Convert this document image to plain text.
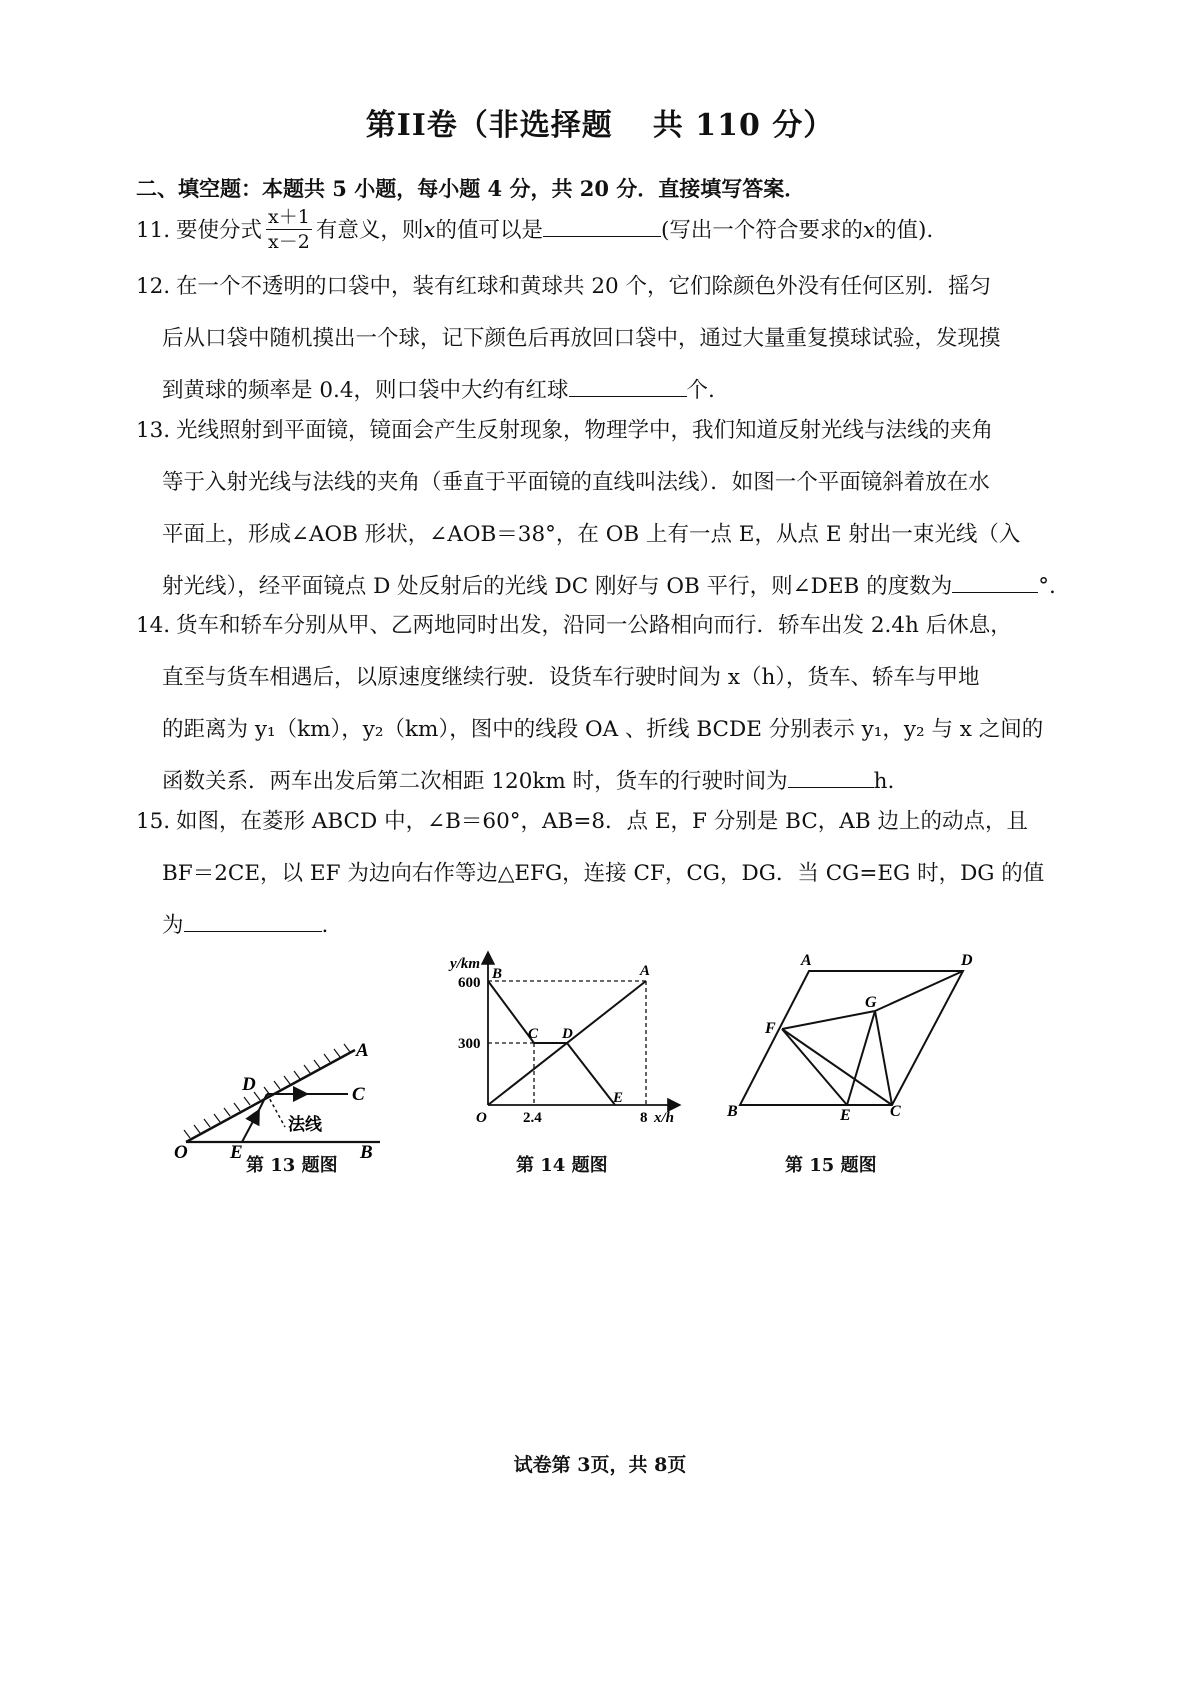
第II卷（非选择题 共 110 分）
二、填空题：本题共 5 小题，每小题 4 分，共 20 分．直接填写答案．
11．要使分式 $\frac{x+1}{x-2}$ 有意义，则x的值可以是	(写出一个符合要求的x的值).
12．在一个不透明的口袋中，装有红球和黄球共 20 个，它们除颜色外没有任何区别．摇匀
后从口袋中随机摸出一个球，记下颜色后再放回口袋中，通过大量重复摸球试验，发现摸
到黄球的频率是 0.4，则口袋中大约有红球	个.
13．光线照射到平面镜，镜面会产生反射现象，物理学中，我们知道反射光线与法线的夹角
等于入射光线与法线的夹角（垂直于平面镜的直线叫法线）．如图一个平面镜斜着放在水
平面上，形成∠AOB 形状，∠AOB＝38°，在 OB 上有一点 E，从点 E 射出一束光线（入
射光线），经平面镜点 D 处反射后的光线 DC 刚好与 OB 平行，则∠DEB 的度数为	°.
14．货车和轿车分别从甲、乙两地同时出发，沿同一公路相向而行．轿车出发 2.4h 后休息，
直至与货车相遇后，以原速度继续行驶．设货车行驶时间为 x（h），货车、轿车与甲地
的距离为 y₁（km），y₂（km），图中的线段 OA 、折线 BCDE 分别表示 y₁，y₂ 与 x 之间的
函数关系．两车出发后第二次相距 120km 时，货车的行驶时间为	h.
15．如图，在菱形 ABCD 中，∠B＝60°，AB=8．点 E，F 分别是 BC，AB 边上的动点，且
BF＝2CE，以 EF 为边向右作等边△EFG，连接 CF，CG，DG．当 CG=EG 时，DG 的值
为	.
A
C
D
O E	B
法线
第 13 题图
y/km
600
300
2.4	8 x/h
O
B	A
C D
E
第 14 题图
A	D
G
F
B	E C
第 15 题图
试卷第 3页，共 8页
